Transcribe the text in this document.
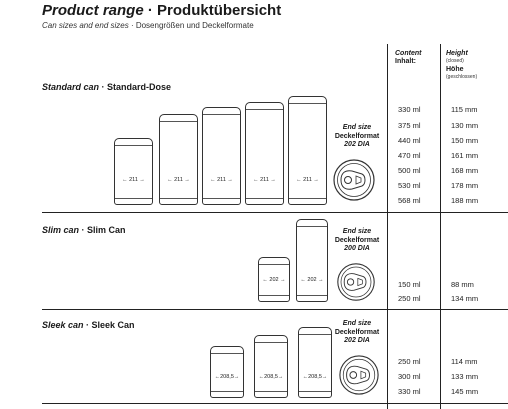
Product range · Produktübersicht
Can sizes and end sizes · Dosengrößen und Deckelformate
Content
Inhalt:
Height
(closed)
Höhe
(geschlossen)
Standard can · Standard-Dose
← 211 →	← 211 →	← 211 →	← 211 →	← 211 →
End size
Deckelformat
202 DIA
330 ml	115 mm
375 ml	130 mm
440 ml	150 mm
470 ml	161 mm
500 ml	168 mm
530 ml	178 mm
568 ml	188 mm
Slim can · Slim Can
← 202 →	← 202 →
End size
Deckelformat
200 DIA
150 ml	88 mm
250 ml	134 mm
Sleek can · Sleek Can
←208,5→	←208,5→	←208,5→
End size
Deckelformat
202 DIA
250 ml	114 mm
300 ml	133 mm
330 ml	145 mm
